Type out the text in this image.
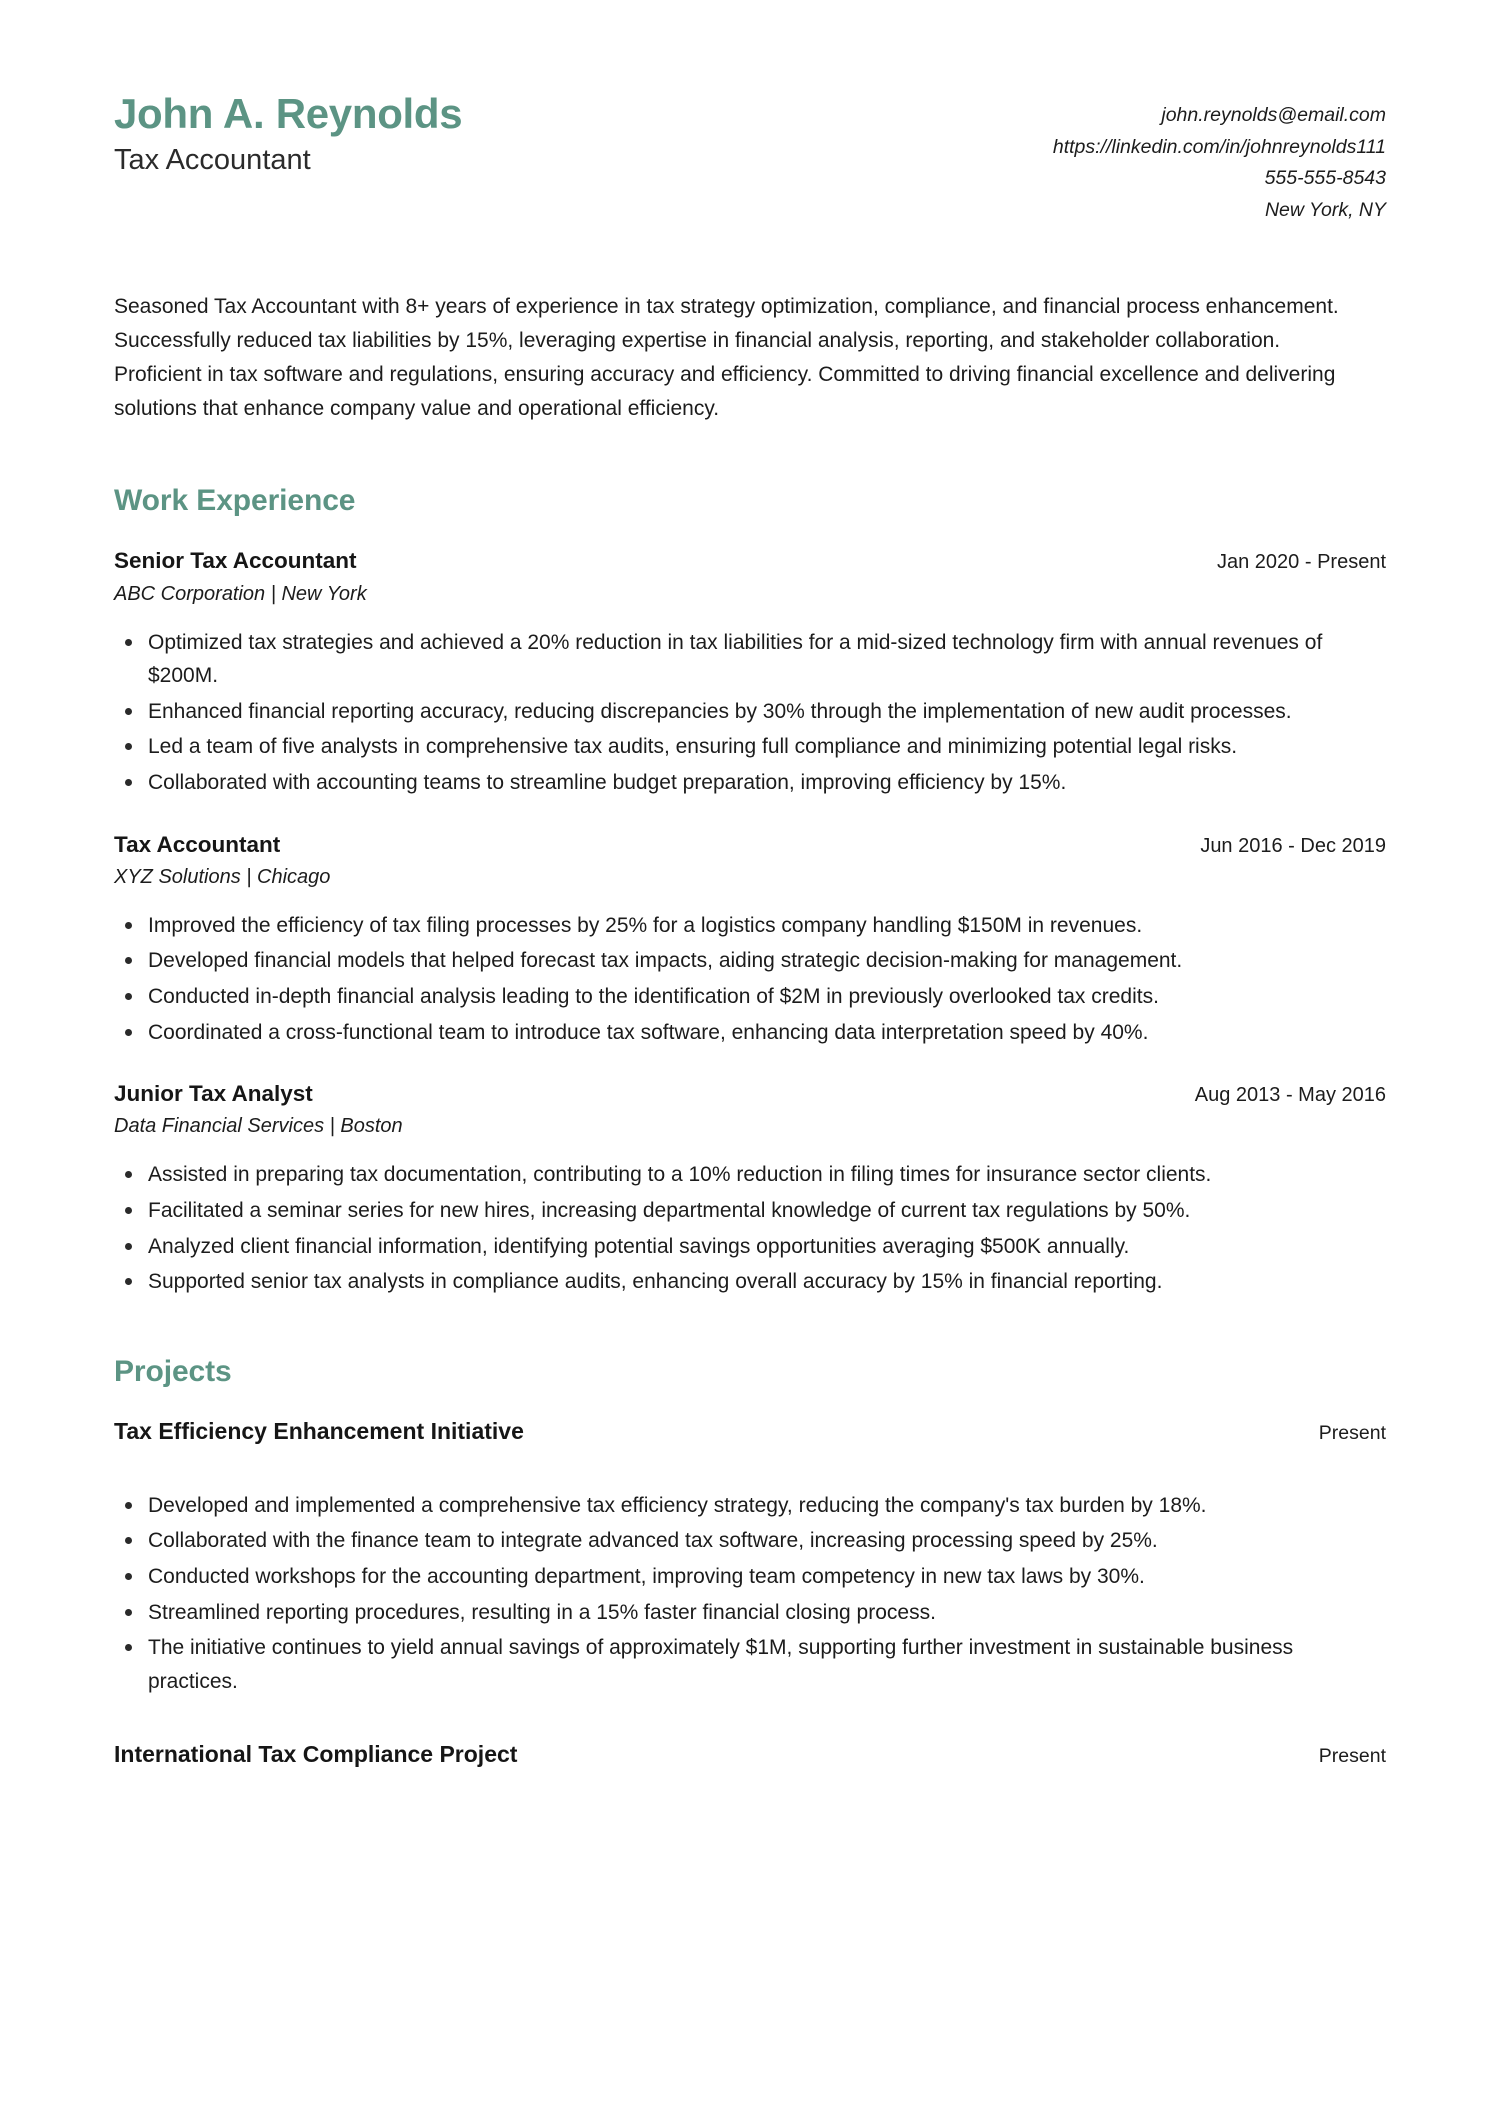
John A. Reynolds
Tax Accountant
john.reynolds@email.com
https://linkedin.com/in/johnreynolds111
555-555-8543
New York, NY
Seasoned Tax Accountant with 8+ years of experience in tax strategy optimization, compliance, and financial process enhancement. Successfully reduced tax liabilities by 15%, leveraging expertise in financial analysis, reporting, and stakeholder collaboration. Proficient in tax software and regulations, ensuring accuracy and efficiency. Committed to driving financial excellence and delivering solutions that enhance company value and operational efficiency.
Work Experience
Senior Tax Accountant	Jan 2020 - Present
ABC Corporation | New York
Optimized tax strategies and achieved a 20% reduction in tax liabilities for a mid-sized technology firm with annual revenues of $200M.
Enhanced financial reporting accuracy, reducing discrepancies by 30% through the implementation of new audit processes.
Led a team of five analysts in comprehensive tax audits, ensuring full compliance and minimizing potential legal risks.
Collaborated with accounting teams to streamline budget preparation, improving efficiency by 15%.
Tax Accountant	Jun 2016 - Dec 2019
XYZ Solutions | Chicago
Improved the efficiency of tax filing processes by 25% for a logistics company handling $150M in revenues.
Developed financial models that helped forecast tax impacts, aiding strategic decision-making for management.
Conducted in-depth financial analysis leading to the identification of $2M in previously overlooked tax credits.
Coordinated a cross-functional team to introduce tax software, enhancing data interpretation speed by 40%.
Junior Tax Analyst	Aug 2013 - May 2016
Data Financial Services | Boston
Assisted in preparing tax documentation, contributing to a 10% reduction in filing times for insurance sector clients.
Facilitated a seminar series for new hires, increasing departmental knowledge of current tax regulations by 50%.
Analyzed client financial information, identifying potential savings opportunities averaging $500K annually.
Supported senior tax analysts in compliance audits, enhancing overall accuracy by 15% in financial reporting.
Projects
Tax Efficiency Enhancement Initiative	Present
Developed and implemented a comprehensive tax efficiency strategy, reducing the company's tax burden by 18%.
Collaborated with the finance team to integrate advanced tax software, increasing processing speed by 25%.
Conducted workshops for the accounting department, improving team competency in new tax laws by 30%.
Streamlined reporting procedures, resulting in a 15% faster financial closing process.
The initiative continues to yield annual savings of approximately $1M, supporting further investment in sustainable business practices.
International Tax Compliance Project	Present
